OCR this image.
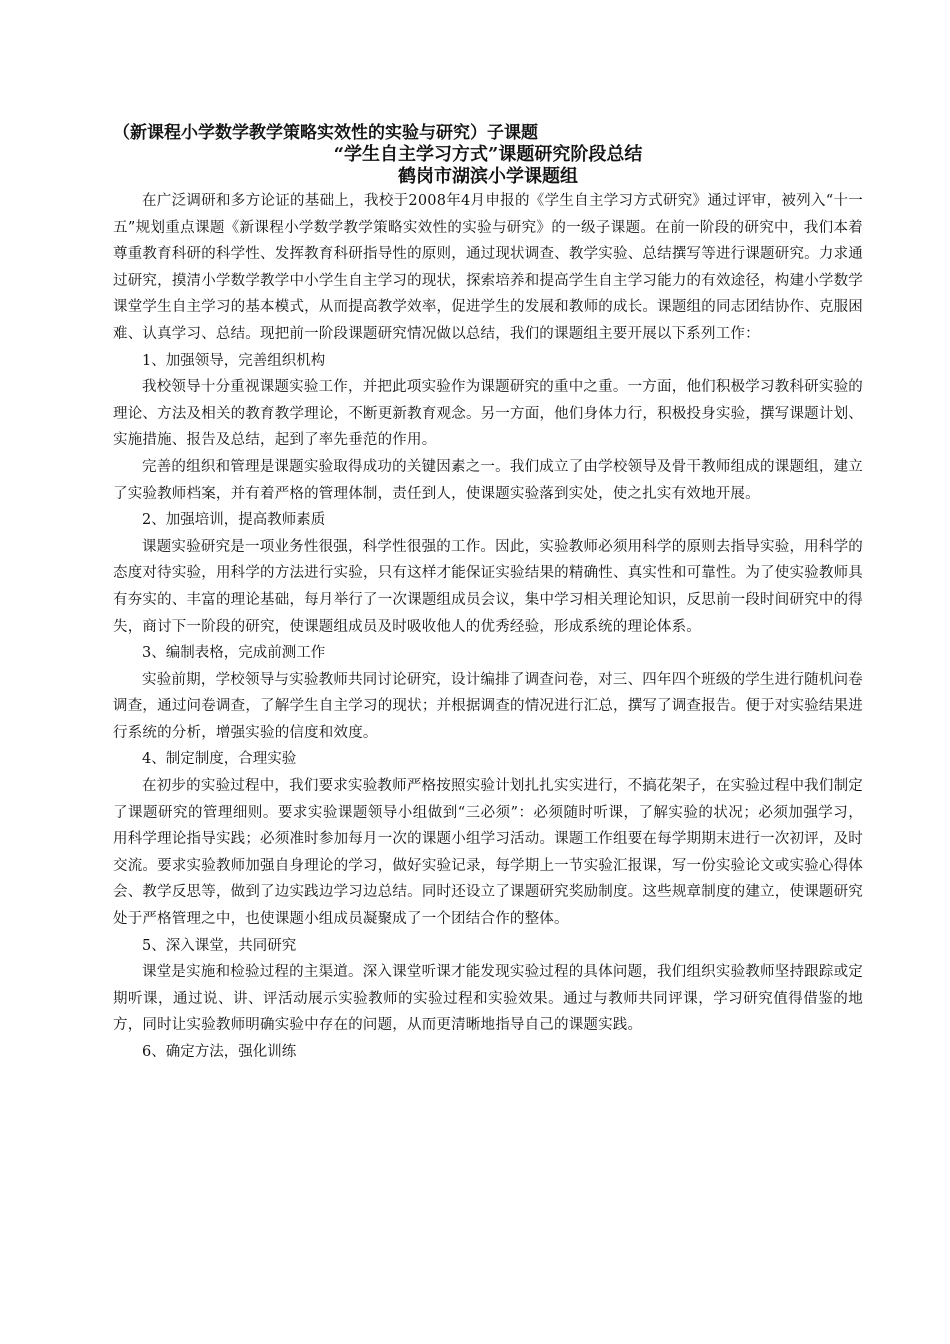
（新课程小学数学教学策略实效性的实验与研究）子课题

“学生自主学习方式”课题研究阶段总结

鹤岗市湖滨小学课题组

在广泛调研和多方论证的基础上，我校于2008年4月申报的《学生自主学习方式研究》通过评审，被列入“十一五”规划重点课题《新课程小学数学教学策略实效性的实验与研究》的一级子课题。在前一阶段的研究中，我们本着尊重教育科研的科学性、发挥教育科研指导性的原则，通过现状调查、教学实验、总结撰写等进行课题研究。力求通过研究，摸清小学数学教学中小学生自主学习的现状，探索培养和提高学生自主学习能力的有效途径，构建小学数学课堂学生自主学习的基本模式，从而提高教学效率，促进学生的发展和教师的成长。课题组的同志团结协作、克服困难、认真学习、总结。现把前一阶段课题研究情况做以总结，我们的课题组主要开展以下系列工作：

1、加强领导，完善组织机构

我校领导十分重视课题实验工作，并把此项实验作为课题研究的重中之重。一方面，他们积极学习教科研实验的理论、方法及相关的教育教学理论，不断更新教育观念。另一方面，他们身体力行，积极投身实验，撰写课题计划、实施措施、报告及总结，起到了率先垂范的作用。

完善的组织和管理是课题实验取得成功的关键因素之一。我们成立了由学校领导及骨干教师组成的课题组，建立了实验教师档案，并有着严格的管理体制，责任到人，使课题实验落到实处，使之扎实有效地开展。

2、加强培训，提高教师素质

课题实验研究是一项业务性很强，科学性很强的工作。因此，实验教师必须用科学的原则去指导实验，用科学的态度对待实验，用科学的方法进行实验，只有这样才能保证实验结果的精确性、真实性和可靠性。为了使实验教师具有夯实的、丰富的理论基础，每月举行了一次课题组成员会议，集中学习相关理论知识，反思前一段时间研究中的得失，商讨下一阶段的研究，使课题组成员及时吸收他人的优秀经验，形成系统的理论体系。

3、编制表格，完成前测工作

实验前期，学校领导与实验教师共同讨论研究，设计编排了调查问卷，对三、四年四个班级的学生进行随机问卷调查，通过问卷调查，了解学生自主学习的现状；并根据调查的情况进行汇总，撰写了调查报告。便于对实验结果进行系统的分析，增强实验的信度和效度。

4、制定制度，合理实验

在初步的实验过程中，我们要求实验教师严格按照实验计划扎扎实实进行，不搞花架子，在实验过程中我们制定了课题研究的管理细则。要求实验课题领导小组做到“三必须”：必须随时听课，了解实验的状况；必须加强学习，用科学理论指导实践；必须准时参加每月一次的课题小组学习活动。课题工作组要在每学期期末进行一次初评，及时交流。要求实验教师加强自身理论的学习，做好实验记录，每学期上一节实验汇报课，写一份实验论文或实验心得体会、教学反思等，做到了边实践边学习边总结。同时还设立了课题研究奖励制度。这些规章制度的建立，使课题研究处于严格管理之中，也使课题小组成员凝聚成了一个团结合作的整体。

5、深入课堂，共同研究

课堂是实施和检验过程的主渠道。深入课堂听课才能发现实验过程的具体问题，我们组织实验教师坚持跟踪或定期听课，通过说、讲、评活动展示实验教师的实验过程和实验效果。通过与教师共同评课，学习研究值得借鉴的地方，同时让实验教师明确实验中存在的问题，从而更清晰地指导自己的课题实践。

6、确定方法，强化训练
